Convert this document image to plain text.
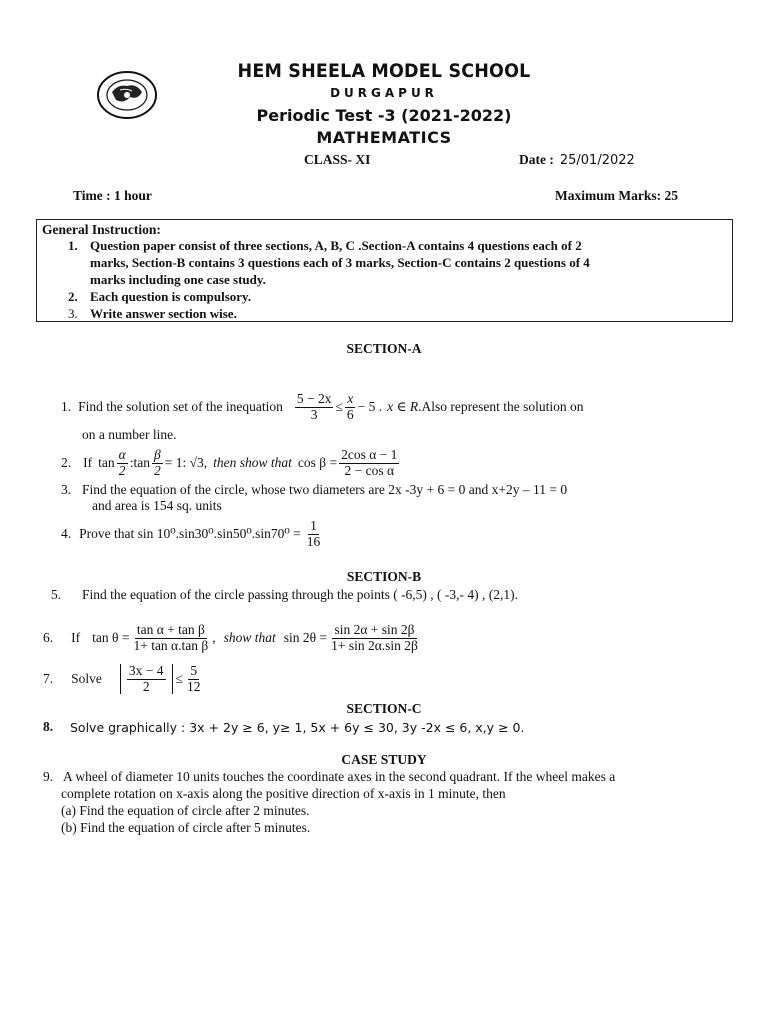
HEM SHEELA MODEL SCHOOL
DURGAPUR
Periodic Test -3 (2021-2022)
MATHEMATICS
CLASS- XI	Date : 25/01/2022
Time : 1 hour	Maximum Marks: 25
General Instruction:
1. Question paper consist of three sections, A, B, C .Section-A contains 4 questions each of 2
marks, Section-B contains 3 questions each of 3 marks, Section-C contains 2 questions of 4
marks including one case study.
2. Each question is compulsory.
3. Write answer section wise.
SECTION-A
1. Find the solution set of the inequation $\frac{5 - 2x}{3} \le \frac{x}{6} - 5$ . x ∈ R .Also represent the solution on
on a number line.
2. If $\tan \frac{\alpha}{2}$ :tan $\frac{\beta}{2} = 1$: √3, then show that $\cos \beta = \frac{\text{2cos α − 1}}{\text{2 − cos α}}$
3. Find the equation of the circle, whose two diameters are 2x -3y + 6 = 0 and x+2y – 11 = 0
and area is 154 sq. units
4. Prove that $\sin 10^0.\sin 30^0.\sin 50^0.\sin 70^0 = \frac{1}{16}$
SECTION-B
5. Find the equation of the circle passing through the points ( -6,5) , ( -3,- 4) , (2,1).
6. If $\tan \theta = \frac{\text{tan α + tan β}}{\text{1+ tan α.tan β}}$ , show that $\sin 2\theta = \frac{\sin 2\alpha + \sin 2\beta}{1+ \sin 2\alpha.\sin 2\beta}$
7. Solve $\frac{3x - 4}{2} \le \frac{5}{12}$
SECTION-C
8. Solve graphically : 3x + 2y ≥ 6, y≥ 1, 5x + 6y ≤ 30, 3y -2x ≤ 6, x,y ≥ 0.
CASE STUDY
9. A wheel of diameter 10 units touches the coordinate axes in the second quadrant. If the wheel makes a
complete rotation on x-axis along the positive direction of x-axis in 1 minute, then
(a) Find the equation of circle after 2 minutes.
(b) Find the equation of circle after 5 minutes.
